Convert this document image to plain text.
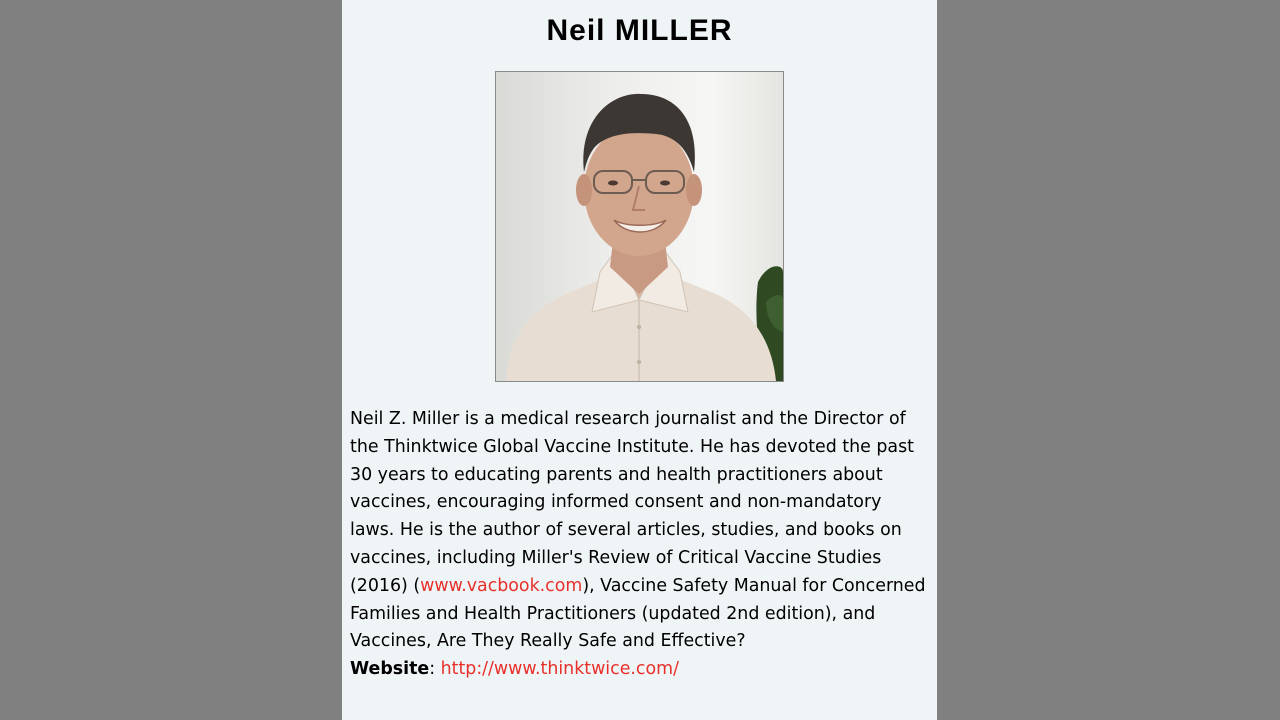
Neil MILLER

Neil Z. Miller is a medical research journalist and the Director of the Thinktwice Global Vaccine Institute. He has devoted the past 30 years to educating parents and health practitioners about vaccines, encouraging informed consent and non-mandatory laws. He is the author of several articles, studies, and books on vaccines, including Miller's Review of Critical Vaccine Studies (2016) (www.vacbook.com), Vaccine Safety Manual for Concerned Families and Health Practitioners (updated 2nd edition), and Vaccines, Are They Really Safe and Effective?
Website: http://www.thinktwice.com/
